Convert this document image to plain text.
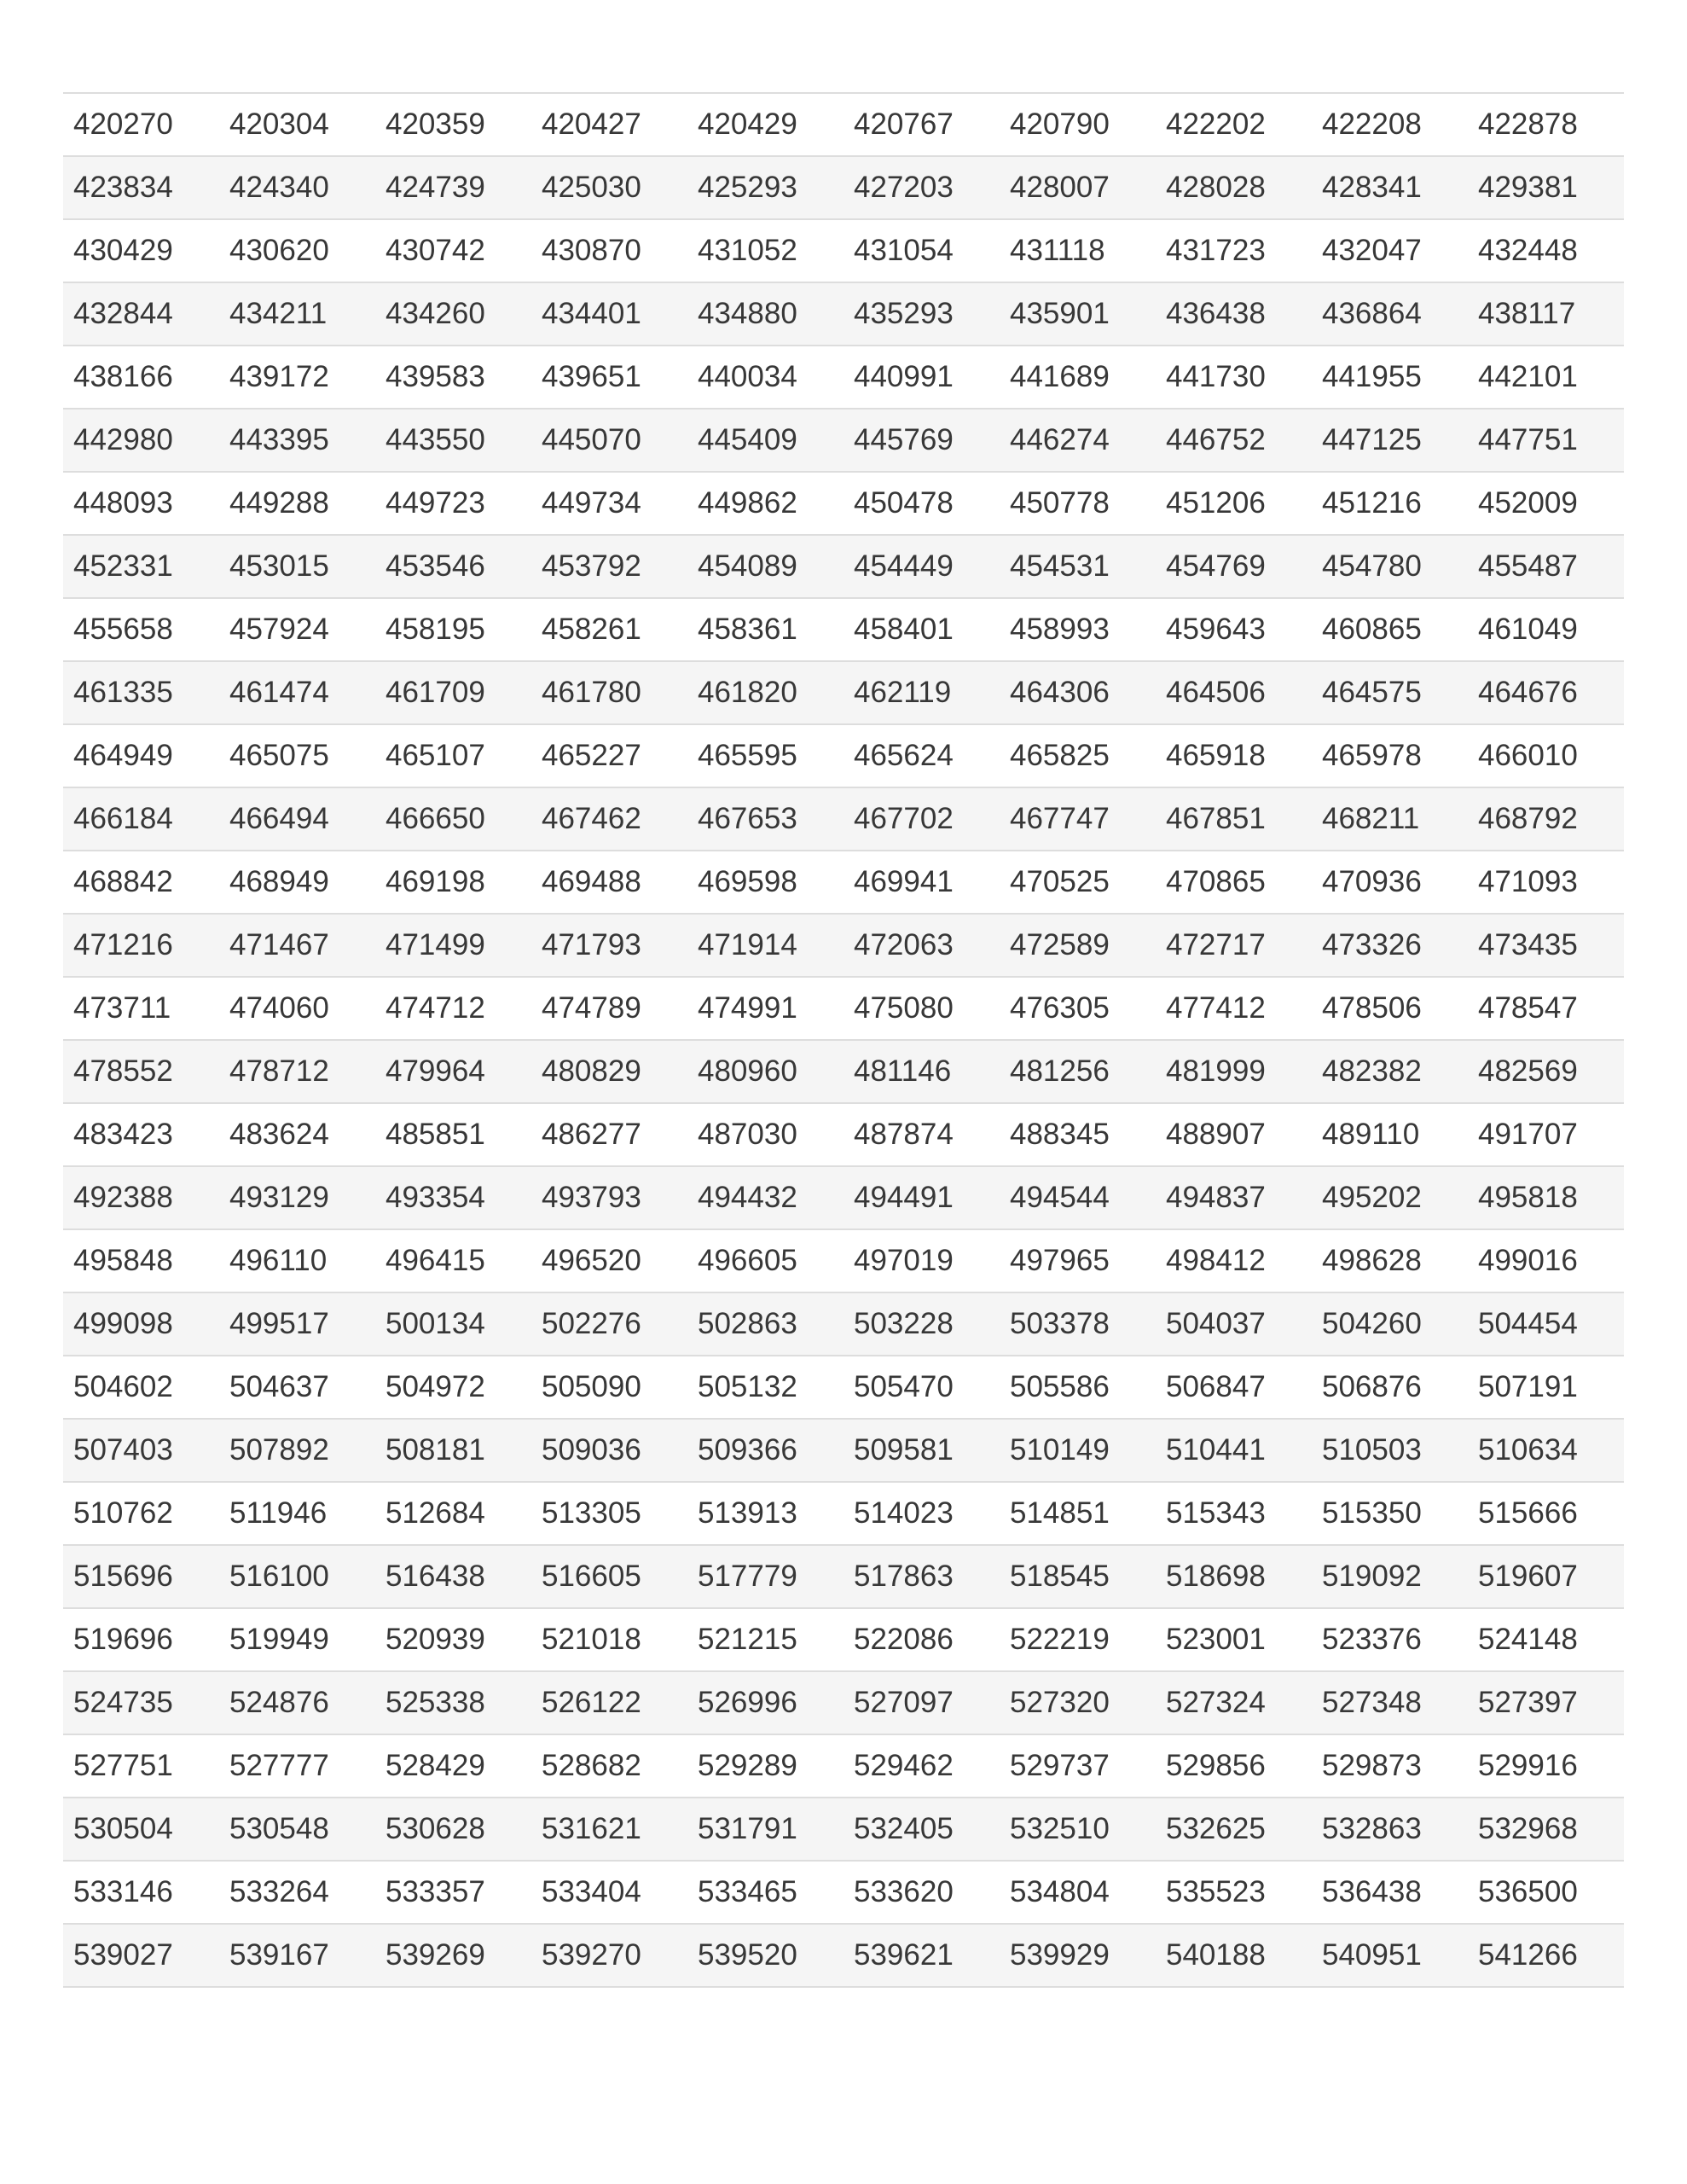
420270	420304	420359	420427	420429	420767	420790	422202	422208	422878
423834	424340	424739	425030	425293	427203	428007	428028	428341	429381
430429	430620	430742	430870	431052	431054	431118	431723	432047	432448
432844	434211	434260	434401	434880	435293	435901	436438	436864	438117
438166	439172	439583	439651	440034	440991	441689	441730	441955	442101
442980	443395	443550	445070	445409	445769	446274	446752	447125	447751
448093	449288	449723	449734	449862	450478	450778	451206	451216	452009
452331	453015	453546	453792	454089	454449	454531	454769	454780	455487
455658	457924	458195	458261	458361	458401	458993	459643	460865	461049
461335	461474	461709	461780	461820	462119	464306	464506	464575	464676
464949	465075	465107	465227	465595	465624	465825	465918	465978	466010
466184	466494	466650	467462	467653	467702	467747	467851	468211	468792
468842	468949	469198	469488	469598	469941	470525	470865	470936	471093
471216	471467	471499	471793	471914	472063	472589	472717	473326	473435
473711	474060	474712	474789	474991	475080	476305	477412	478506	478547
478552	478712	479964	480829	480960	481146	481256	481999	482382	482569
483423	483624	485851	486277	487030	487874	488345	488907	489110	491707
492388	493129	493354	493793	494432	494491	494544	494837	495202	495818
495848	496110	496415	496520	496605	497019	497965	498412	498628	499016
499098	499517	500134	502276	502863	503228	503378	504037	504260	504454
504602	504637	504972	505090	505132	505470	505586	506847	506876	507191
507403	507892	508181	509036	509366	509581	510149	510441	510503	510634
510762	511946	512684	513305	513913	514023	514851	515343	515350	515666
515696	516100	516438	516605	517779	517863	518545	518698	519092	519607
519696	519949	520939	521018	521215	522086	522219	523001	523376	524148
524735	524876	525338	526122	526996	527097	527320	527324	527348	527397
527751	527777	528429	528682	529289	529462	529737	529856	529873	529916
530504	530548	530628	531621	531791	532405	532510	532625	532863	532968
533146	533264	533357	533404	533465	533620	534804	535523	536438	536500
539027	539167	539269	539270	539520	539621	539929	540188	540951	541266
